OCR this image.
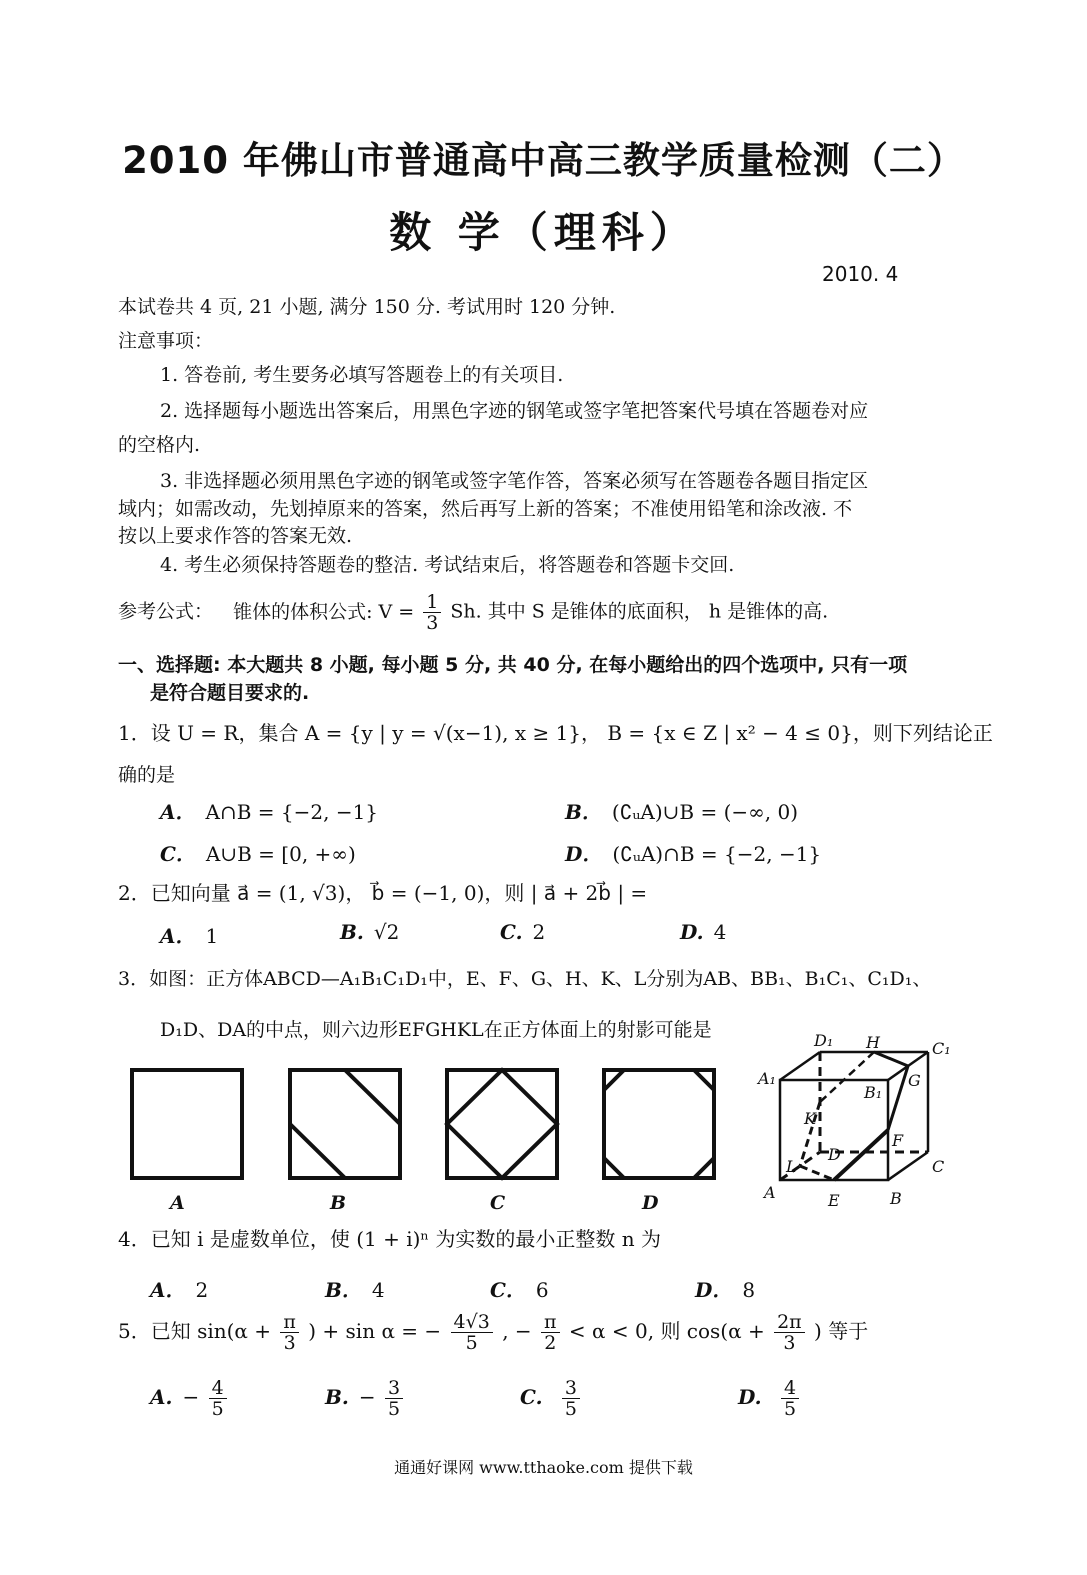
2010 年佛山市普通高中高三教学质量检测（二）
数 学（理科）
2010. 4
本试卷共 4 页, 21 小题, 满分 150 分. 考试用时 120 分钟.
注意事项：
1. 答卷前, 考生要务必填写答题卷上的有关项目.
2. 选择题每小题选出答案后，用黑色字迹的钢笔或签字笔把答案代号填在答题卷对应
的空格内.
3. 非选择题必须用黑色字迹的钢笔或签字笔作答，答案必须写在答题卷各题目指定区
域内；如需改动，先划掉原来的答案，然后再写上新的答案；不准使用铅笔和涂改液. 不
按以上要求作答的答案无效.
4. 考生必须保持答题卷的整洁. 考试结束后，将答题卷和答题卡交回.
参考公式： 锥体的体积公式: $V = \frac{1}{3} Sh$. 其中 S 是锥体的底面积， h 是锥体的高.
一、选择题: 本大题共 8 小题, 每小题 5 分, 共 40 分, 在每小题给出的四个选项中, 只有一项
是符合题目要求的.
1．设 U = R，集合 A = {y | y = √(x−1), x ≥ 1}， B = {x ∈ Z | x² − 4 ≤ 0}，则下列结论正
确的是
A． A∩B = {−2, −1}	B． (∁ᵤA)∪B = (−∞, 0)
C． A∪B = [0, +∞)	D． (∁ᵤA)∩B = {−2, −1}
2．已知向量 a⃗ = (1, √3)， b⃗ = (−1, 0)，则 | a⃗ + 2b⃗ | =
A． 1	B. √2	C. 2	D. 4
3．如图：正方体ABCD—A₁B₁C₁D₁中，E、F、G、H、K、L分别为AB、BB₁、B₁C₁、C₁D₁、
D₁D、DA的中点，则六边形EFGHKL在正方体面上的射影可能是	D₁ H	C₁
A₁
B₁
G
K
F
D
L	C
A	E	B
A	B	C	D
4．已知 i 是虚数单位，使 (1 + i)ⁿ 为实数的最小正整数 n 为
A． 2	B． 4	C． 6	D． 8
5．已知 $\sin(\alpha + \frac{\pi}{3}$ ) + sin α = − $\frac{4√3}{5}$ , − $\frac{\pi}{2} < \alpha < 0$, 则 $\cos(\alpha + \frac{2\pi}{3}$ ) 等于
A. − $\frac{4}{5}$	B. − $\frac{3}{5}$	C. $\frac{3}{5}$	D. $\frac{4}{5}$
通通好课网 www.tthaoke.com 提供下载
